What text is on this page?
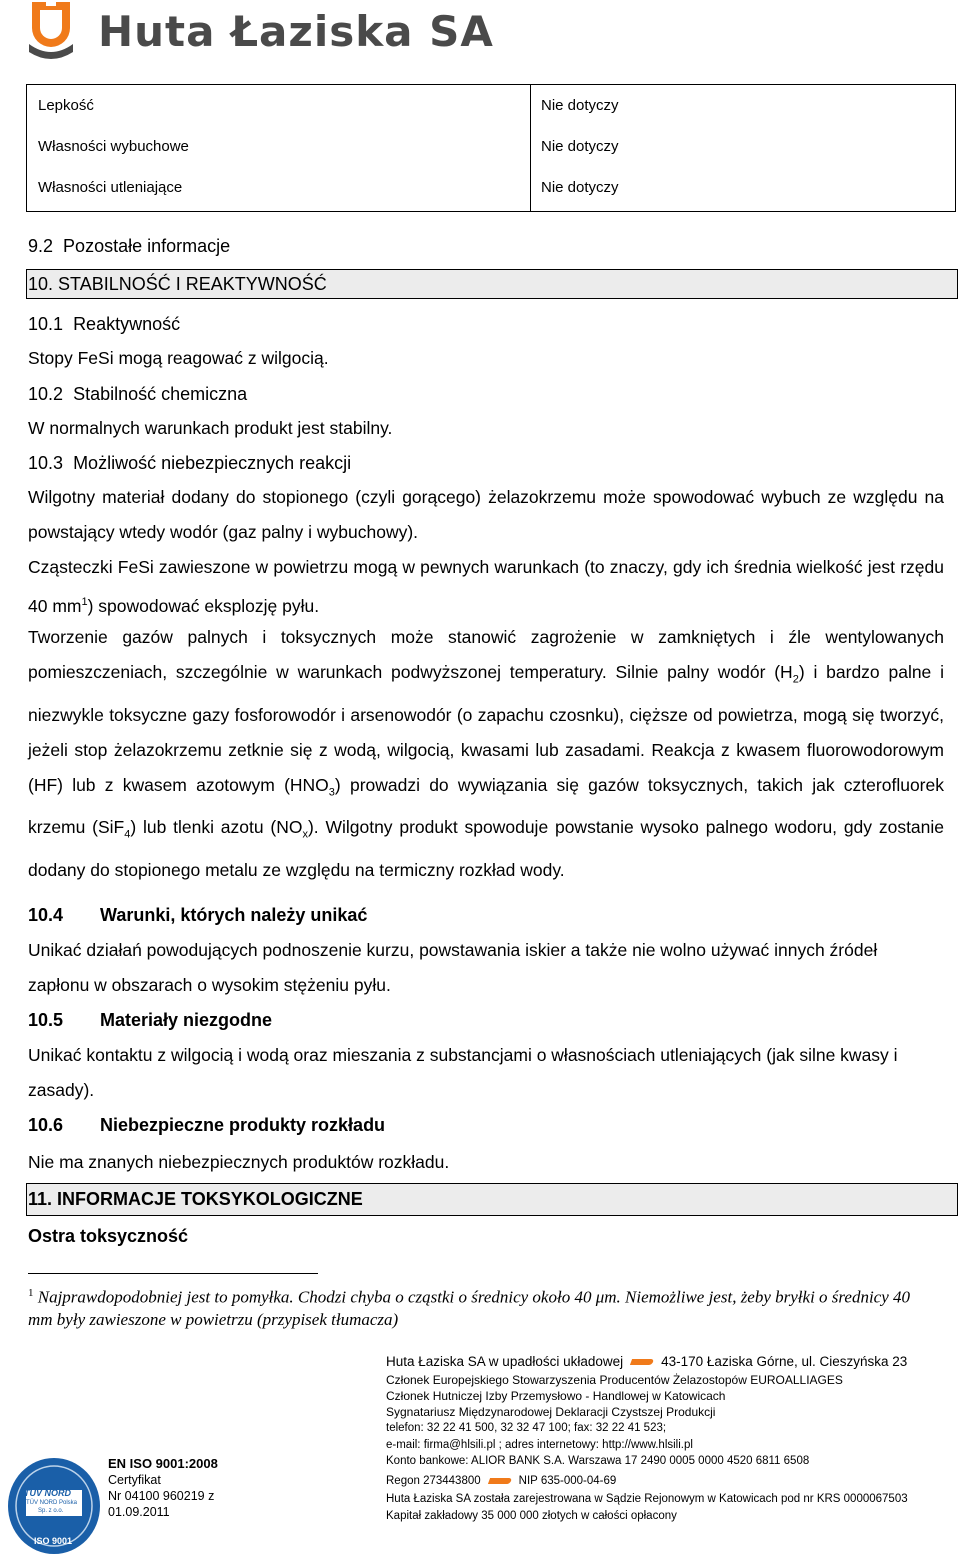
Huta Łaziska SA
Lepkość	Nie dotyczy
Własności wybuchowe	Nie dotyczy
Własności utleniające	Nie dotyczy
9.2 Pozostałe informacje
10. STABILNOŚĆ I REAKTYWNOŚĆ
10.1 Reaktywność
Stopy FeSi mogą reagować z wilgocią.
10.2 Stabilność chemiczna
W normalnych warunkach produkt jest stabilny.
10.3 Możliwość niebezpiecznych reakcji
Wilgotny materiał dodany do stopionego (czyli gorącego) żelazokrzemu może spowodować wybuch ze względu na powstający wtedy wodór (gaz palny i wybuchowy).
Cząsteczki FeSi zawieszone w powietrzu mogą w pewnych warunkach (to znaczy, gdy ich średnia wielkość jest rzędu 40 $mm^1$) spowodować eksplozję pyłu.
Tworzenie gazów palnych i toksycznych może stanowić zagrożenie w zamkniętych i źle wentylowanych pomieszczeniach, szczególnie w warunkach podwyższonej temperatury. Silnie palny wodór $(H_2)$ i bardzo palne i niezwykle toksyczne gazy fosforowodór i arsenowodór (o zapachu czosnku), cięższe od powietrza, mogą się tworzyć, jeżeli stop żelazokrzemu zetknie się z wodą, wilgocią, kwasami lub zasadami. Reakcja z kwasem fluorowodorowym (HF) lub z kwasem azotowym $(HNO_3)$ prowadzi do wywiązania się gazów toksycznych, takich jak czterofluorek krzemu (SiF$_4$) lub tlenki azotu $(NO_x)$. Wilgotny produkt spowoduje powstanie wysoko palnego wodoru, gdy zostanie dodany do stopionego metalu ze względu na termiczny rozkład wody.
10.4 Warunki, których należy unikać
Unikać działań powodujących podnoszenie kurzu, powstawania iskier a także nie wolno używać innych źródeł zapłonu w obszarach o wysokim stężeniu pyłu.
10.5 Materiały niezgodne
Unikać kontaktu z wilgocią i wodą oraz mieszania z substancjami o własnościach utleniających (jak silne kwasy i zasady).
10.6 Niebezpieczne produkty rozkładu
Nie ma znanych niebezpiecznych produktów rozkładu.
11. INFORMACJE TOKSYKOLOGICZNE
Ostra toksyczność
$^1$ Najprawdopodobniej jest to pomyłka. Chodzi chyba o cząstki o średnicy około 40 μm. Niemożliwe jest, żeby bryłki o średnicy 40 mm były zawieszone w powietrzu (przypisek tłumacza)
TÜV NORD
TÜV NORD Polska
Sp. z o.o.
ISO 9001
EN ISO 9001:2008
Certyfikat
Nr 04100 960219 z
01.09.2011
Huta Łaziska SA w upadłości układowej	43-170 Łaziska Górne, ul. Cieszyńska 23
Członek Europejskiego Stowarzyszenia Producentów Żelazostopów EUROALLIAGES
Członek Hutniczej Izby Przemysłowo - Handlowej w Katowicach
Sygnatariusz Międzynarodowej Deklaracji Czystszej Produkcji
telefon: 32 22 41 500, 32 32 47 100; fax: 32 22 41 523;
e-mail: firma@hlsili.pl ; adres internetowy: http://www.hlsili.pl
Konto bankowe: ALIOR BANK S.A. Warszawa 17 2490 0005 0000 4520 6811 6508
Regon 273443800	NIP 635-000-04-69
Huta Łaziska SA została zarejestrowana w Sądzie Rejonowym w Katowicach pod nr KRS 0000067503
Kapitał zakładowy 35 000 000 złotych w całości opłacony
